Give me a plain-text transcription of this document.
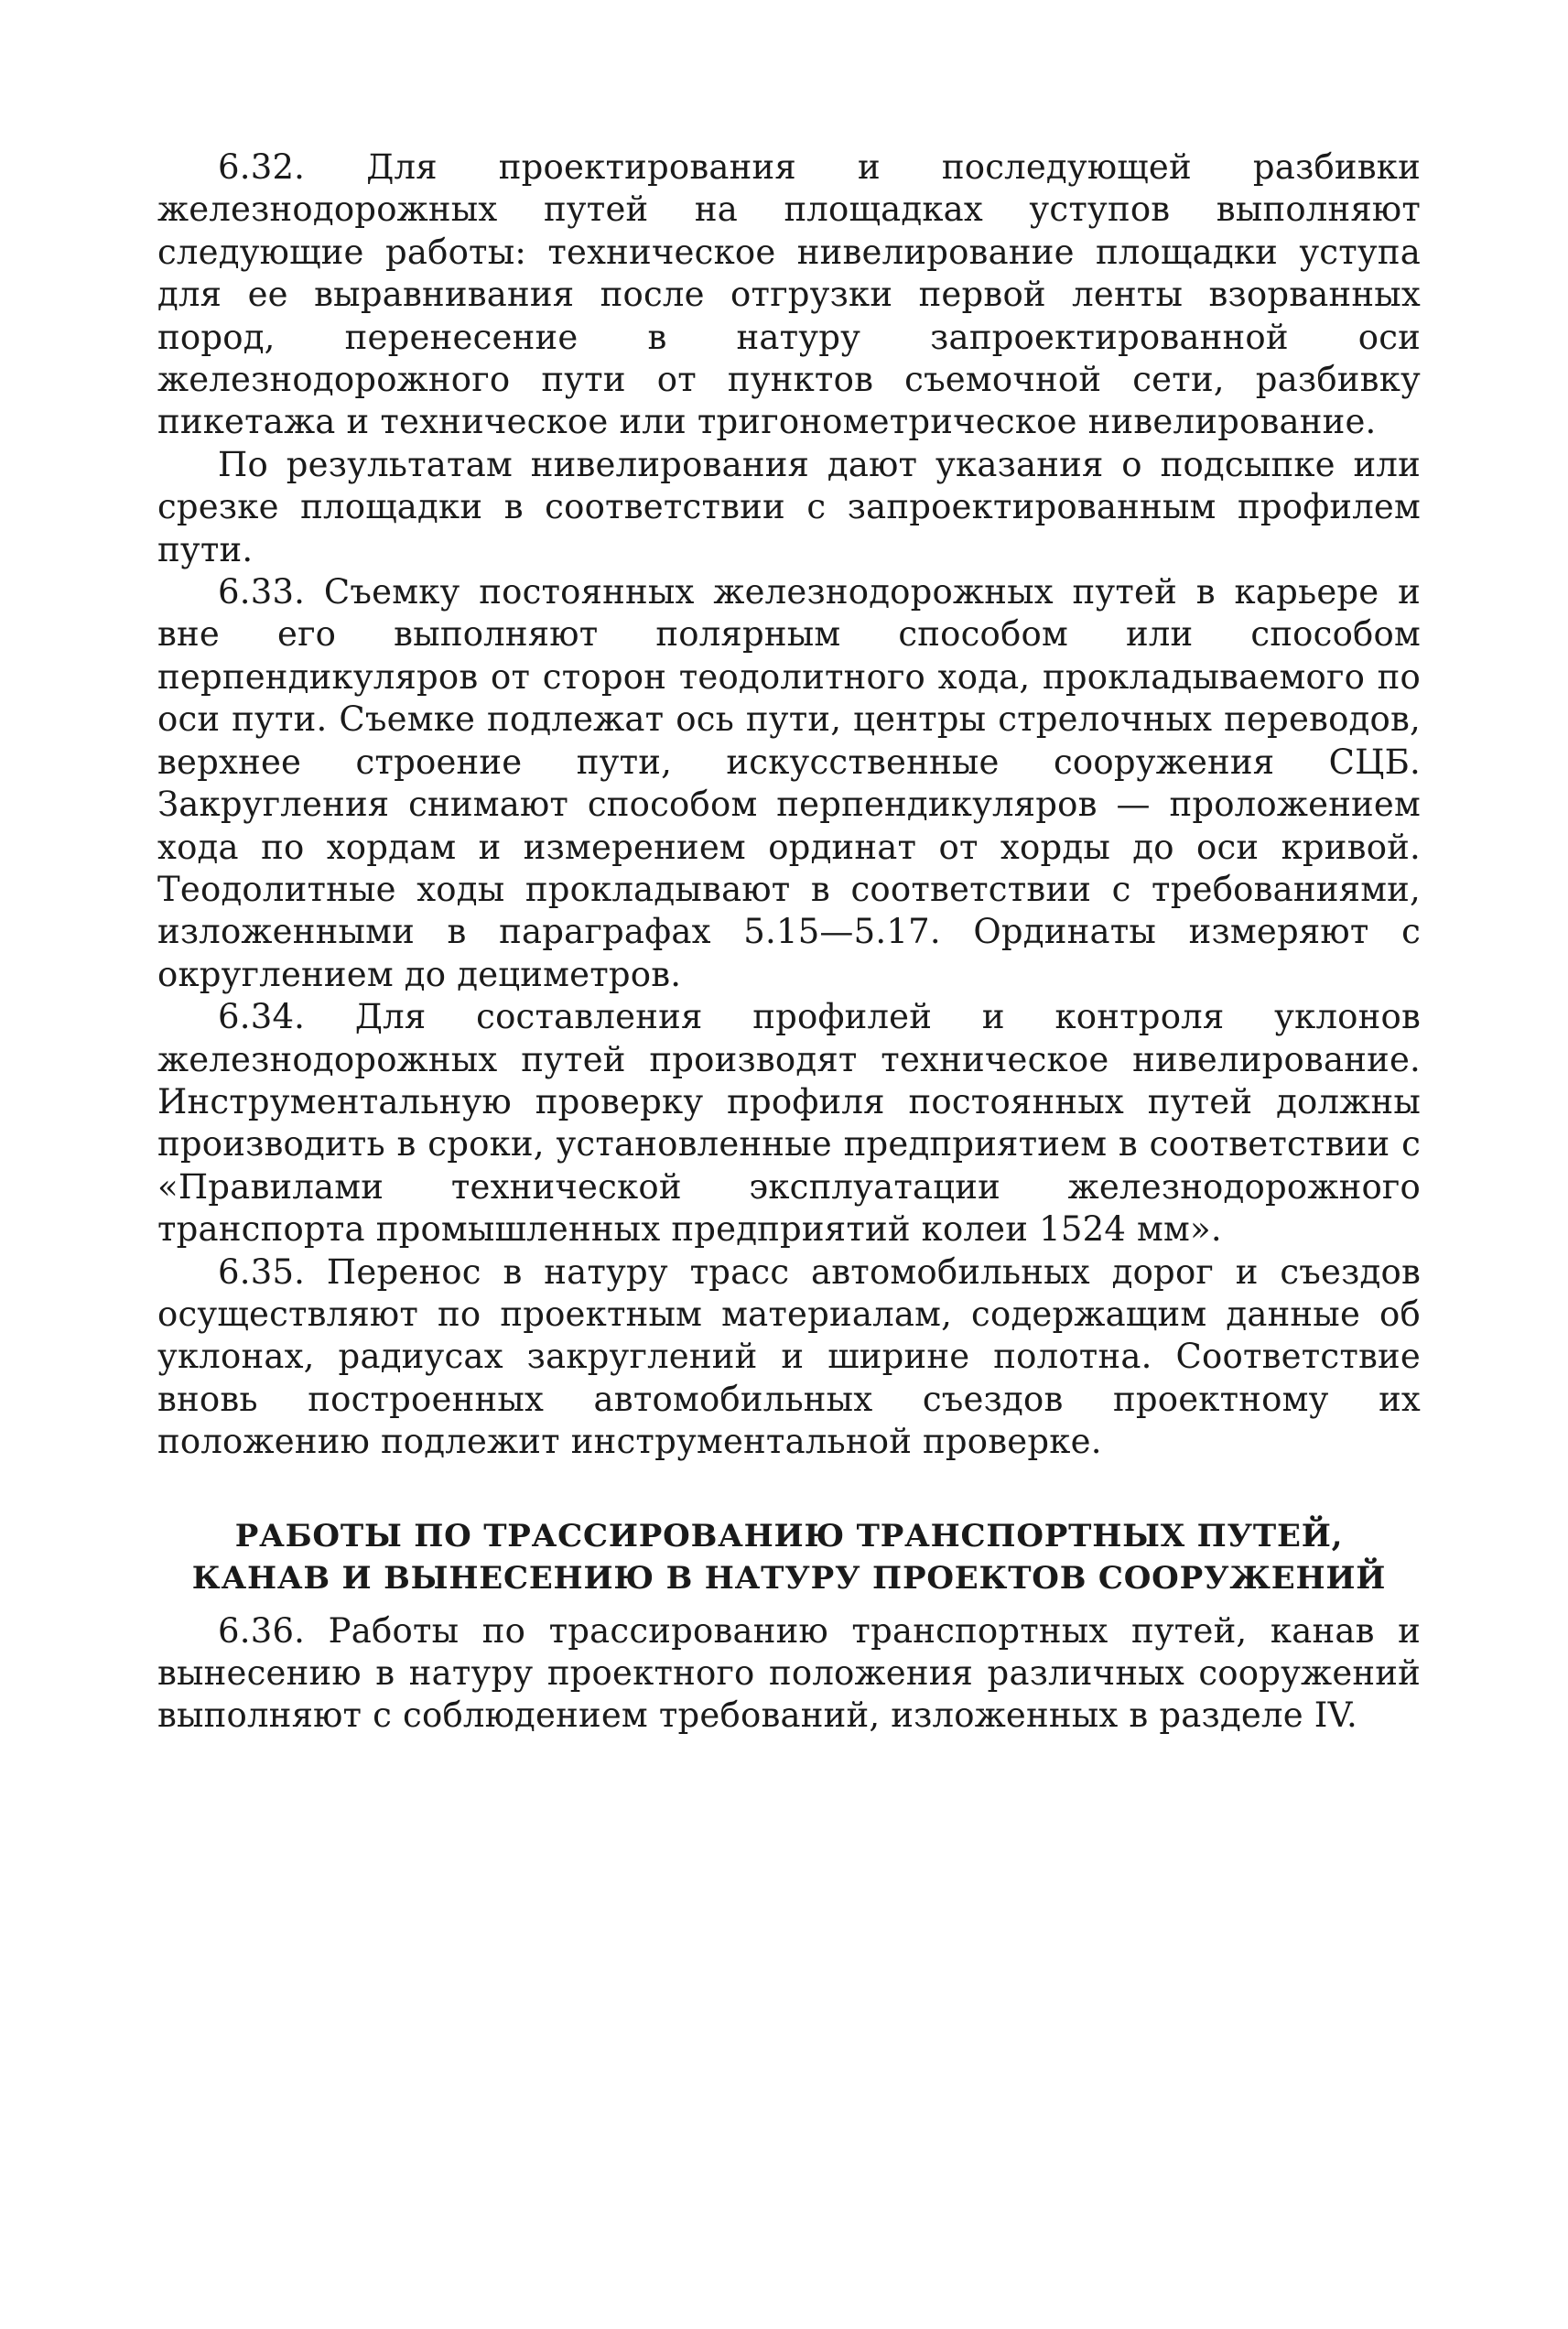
6.32. Для проектирования и последующей разбивки железнодорожных путей на площадках уступов выполняют следующие работы: техническое нивелирование площадки уступа для ее выравнивания после отгрузки первой ленты взорванных пород, перенесение в натуру запроектированной оси железнодорожного пути от пунктов съемочной сети, разбивку пикетажа и техническое или тригонометрическое нивелирование.

По результатам нивелирования дают указания о подсыпке или срезке площадки в соответствии с запроектированным профилем пути.

6.33. Съемку постоянных железнодорожных путей в карьере и вне его выполняют полярным способом или способом перпендикуляров от сторон теодолитного хода, прокладываемого по оси пути. Съемке подлежат ось пути, центры стрелочных переводов, верхнее строение пути, искусственные сооружения СЦБ. Закругления снимают способом перпендикуляров — проложением хода по хордам и измерением ординат от хорды до оси кривой. Теодолитные ходы прокладывают в соответствии с требованиями, изложенными в параграфах 5.15—5.17. Ординаты измеряют с округлением до дециметров.

6.34. Для составления профилей и контроля уклонов железнодорожных путей производят техническое нивелирование. Инструментальную проверку профиля постоянных путей должны производить в сроки, установленные предприятием в соответствии с «Правилами технической эксплуатации железнодорожного транспорта промышленных предприятий колеи 1524 мм».

6.35. Перенос в натуру трасс автомобильных дорог и съездов осуществляют по проектным материалам, содержащим данные об уклонах, радиусах закруглений и ширине полотна. Соответствие вновь построенных автомобильных съездов проектному их положению подлежит инструментальной проверке.

РАБОТЫ ПО ТРАССИРОВАНИЮ ТРАНСПОРТНЫХ ПУТЕЙ,
КАНАВ И ВЫНЕСЕНИЮ В НАТУРУ ПРОЕКТОВ СООРУЖЕНИЙ

6.36. Работы по трассированию транспортных путей, канав и вынесению в натуру проектного положения различных сооружений выполняют с соблюдением требований, изложенных в разделе IV.
